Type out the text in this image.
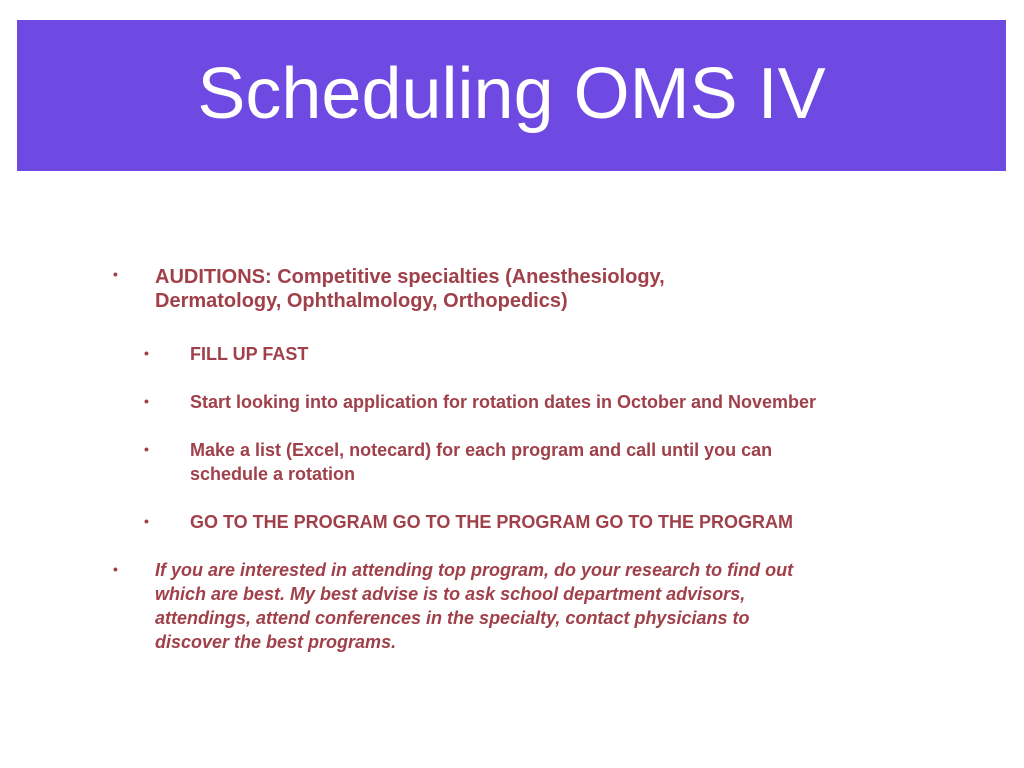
Scheduling OMS IV
• AUDITIONS: Competitive specialties (Anesthesiology,
Dermatology, Ophthalmology, Orthopedics)
• FILL UP FAST
• Start looking into application for rotation dates in October and November
• Make a list (Excel, notecard) for each program and call until you can
schedule a rotation
• GO TO THE PROGRAM GO TO THE PROGRAM GO TO THE PROGRAM
• If you are interested in attending top program, do your research to find out
which are best. My best advise is to ask school department advisors,
attendings, attend conferences in the specialty, contact physicians to
discover the best programs.
